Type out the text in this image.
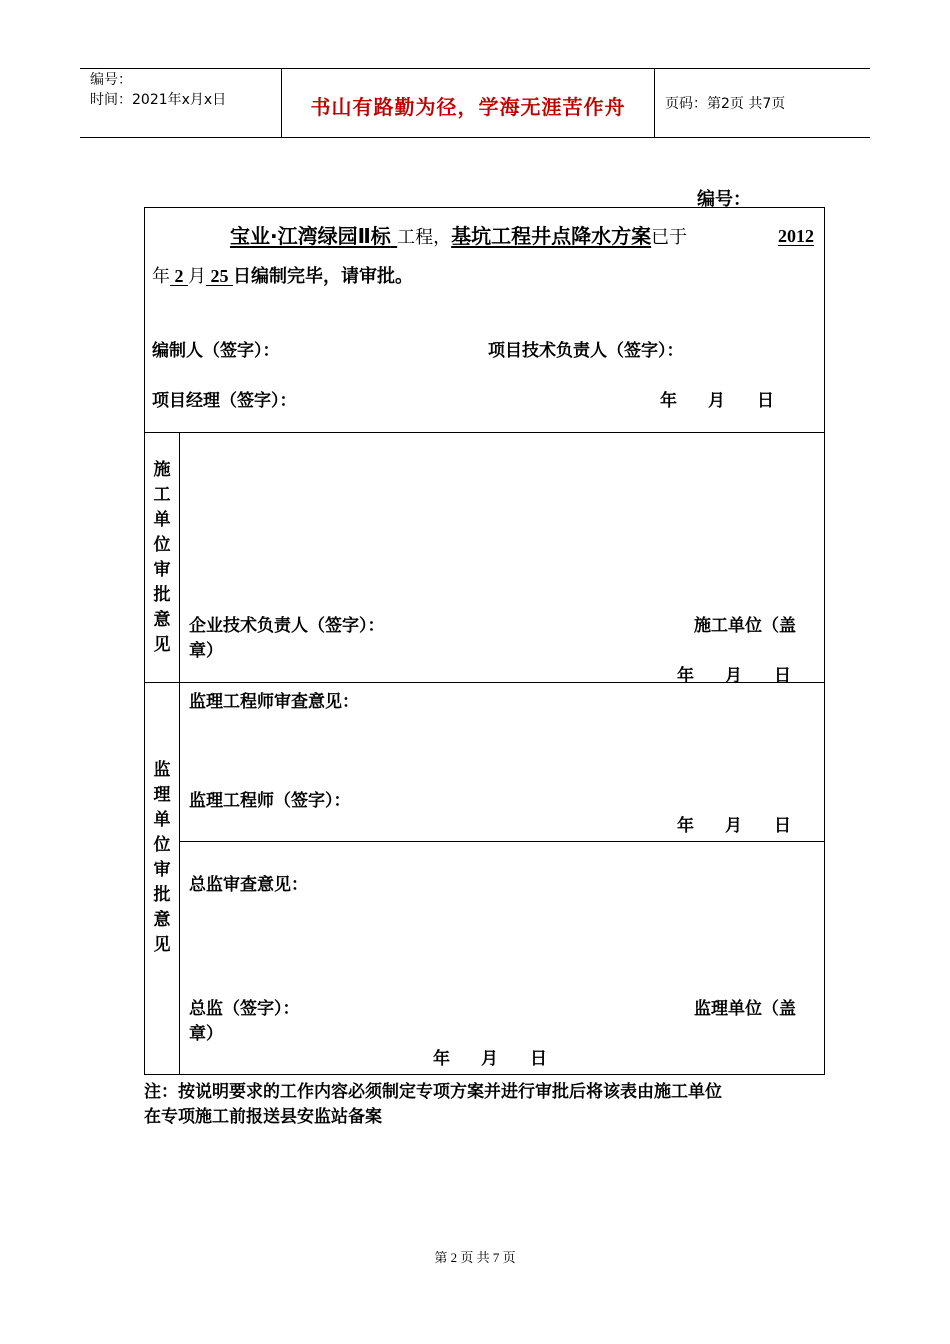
编号：
时间：2021年x月x日	书山有路勤为径，学海无涯苦作舟	页码：第2页 共7页
编号：
宝业·江湾绿园Ⅱ标 工程，基坑工程井点降水方案已于	2012
年 2 月 25 日编制完毕，请审批。
编制人（签字）：	项目技术负责人（签字）：
项目经理（签字）：	年 月 日
施
工
单
位
审
批
意
见
企业技术负责人（签字）：	施工单位（盖
章）
年 月 日
监
理
单
位
审
批
意
见
监理工程师审查意见：
监理工程师（签字）：
年 月 日
总监审查意见：
总监（签字）：	监理单位（盖
章）
年 月 日
注：按说明要求的工作内容必须制定专项方案并进行审批后将该表由施工单位
在专项施工前报送县安监站备案
第 2 页 共 7 页
